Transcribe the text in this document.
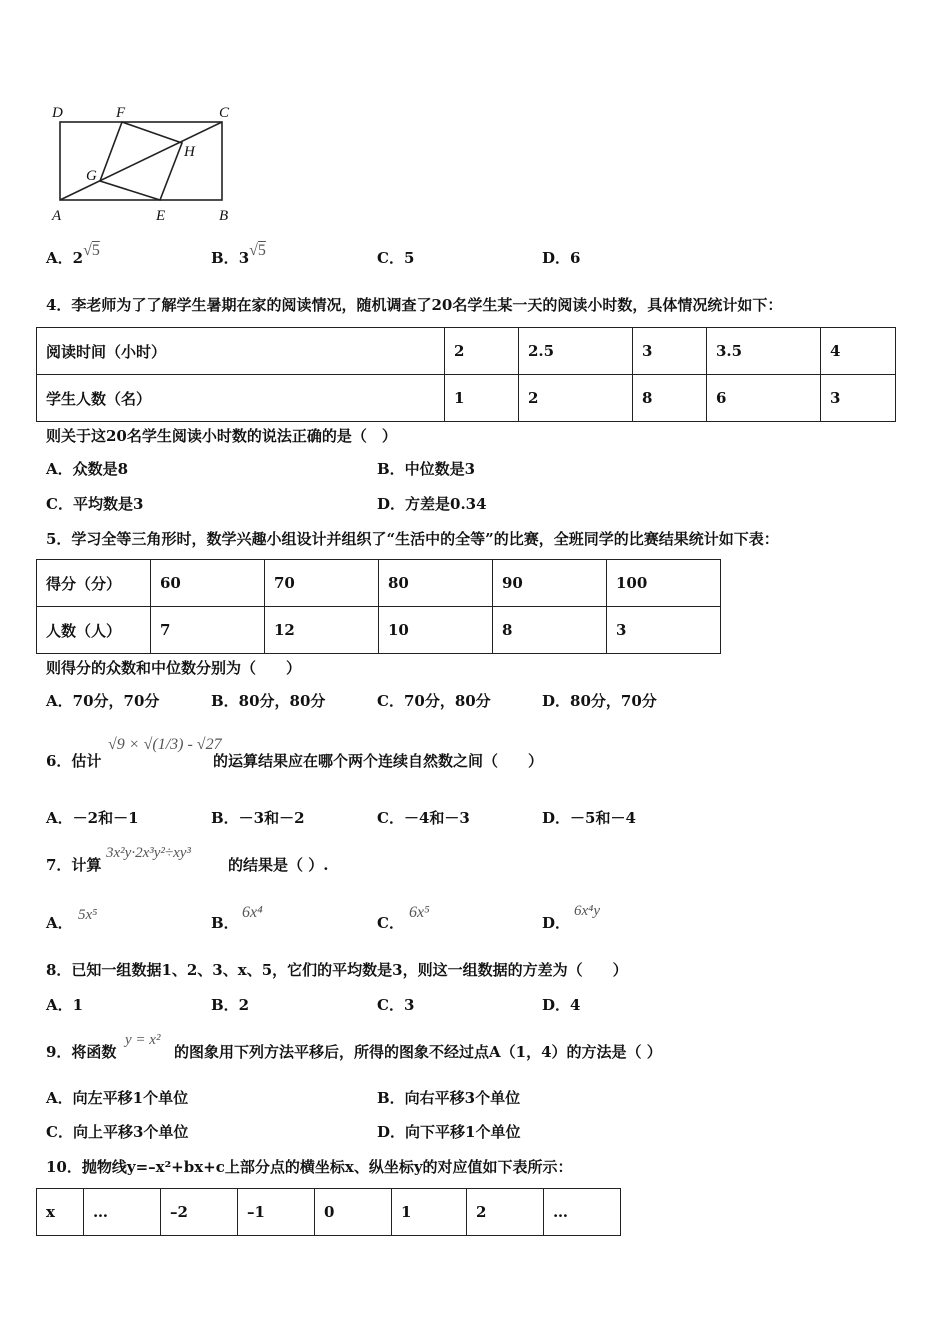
D	F	C
H
G
A	E	B
A．2√5	B．3√5	C．5	D．6
4．李老师为了了解学生暑期在家的阅读情况，随机调查了20名学生某一天的阅读小时数，具体情况统计如下：
阅读时间（小时）	2	2.5	3	3.5	4
学生人数（名）	1	2	8	6	3
则关于这20名学生阅读小时数的说法正确的是（　）
A．众数是8	B．中位数是3
C．平均数是3	D．方差是0.34
5．学习全等三角形时，数学兴趣小组设计并组织了“生活中的全等”的比赛，全班同学的比赛结果统计如下表：
得分（分）	60	70	80	90	100
人数（人）	7	12	10	8	3
则得分的众数和中位数分别为（　　）
A．70分，70分	B．80分，80分	C．70分，80分	D．80分，70分
6．估计
√9 × √(1/3) - √27
的运算结果应在哪个两个连续自然数之间（　　）
A．－2和－1	B．－3和－2	C．－4和－3	D．－5和－4
7．计算
3x²y·2x³y²÷xy³
的结果是（ ）.
A． 5x⁵	B．
6x⁴
C．
6x⁵
D．
6x⁴y
8．已知一组数据1、2、3、x、5，它们的平均数是3，则这一组数据的方差为（　　）
A．1	B．2	C．3	D．4
9．将函数
y = x²
的图象用下列方法平移后，所得的图象不经过点A（1，4）的方法是（ ）
A．向左平移1个单位	B．向右平移3个单位
C．向上平移3个单位	D．向下平移1个单位
10．抛物线y=–x²+bx+c上部分点的横坐标x、纵坐标y的对应值如下表所示：
x	…	–2	–1	0	1	2	…
